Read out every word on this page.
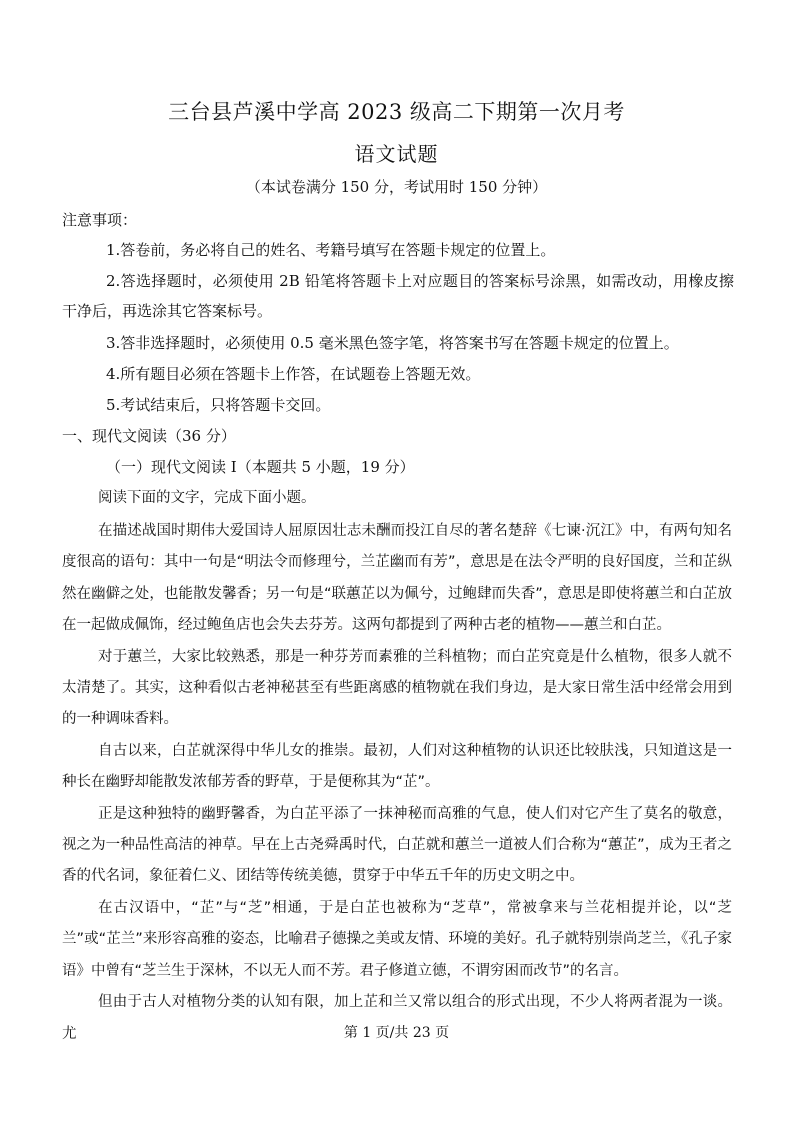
三台县芦溪中学高 2023 级高二下期第一次月考
语文试题
（本试卷满分 150 分，考试用时 150 分钟）
注意事项：
1.答卷前，务必将自己的姓名、考籍号填写在答题卡规定的位置上。
2.答选择题时，必须使用 2B 铅笔将答题卡上对应题目的答案标号涂黑，如需改动，用橡皮擦干净后，再选涂其它答案标号。
3.答非选择题时，必须使用 0.5 毫米黑色签字笔，将答案书写在答题卡规定的位置上。
4.所有题目必须在答题卡上作答，在试题卷上答题无效。
5.考试结束后，只将答题卡交回。
一、现代文阅读（36 分）
（一）现代文阅读 I（本题共 5 小题，19 分）
阅读下面的文字，完成下面小题。

在描述战国时期伟大爱国诗人屈原因壮志未酬而投江自尽的著名楚辞《七谏·沉江》中，有两句知名度很高的语句：其中一句是“明法令而修理兮，兰芷幽而有芳”，意思是在法令严明的良好国度，兰和芷纵然在幽僻之处，也能散发馨香；另一句是“联蕙芷以为佩兮，过鲍肆而失香”，意思是即使将蕙兰和白芷放在一起做成佩饰，经过鲍鱼店也会失去芬芳。这两句都提到了两种古老的植物——蕙兰和白芷。

对于蕙兰，大家比较熟悉，那是一种芬芳而素雅的兰科植物；而白芷究竟是什么植物，很多人就不太清楚了。其实，这种看似古老神秘甚至有些距离感的植物就在我们身边，是大家日常生活中经常会用到的一种调味香料。

自古以来，白芷就深得中华儿女的推崇。最初，人们对这种植物的认识还比较肤浅，只知道这是一种长在幽野却能散发浓郁芳香的野草，于是便称其为“芷”。

正是这种独特的幽野馨香，为白芷平添了一抹神秘而高雅的气息，使人们对它产生了莫名的敬意，视之为一种品性高洁的神草。早在上古尧舜禹时代，白芷就和蕙兰一道被人们合称为“蕙芷”，成为王者之香的代名词，象征着仁义、团结等传统美德，贯穿于中华五千年的历史文明之中。

在古汉语中，“芷”与“芝”相通，于是白芷也被称为“芝草”，常被拿来与兰花相提并论，以“芝兰”或“芷兰”来形容高雅的姿态，比喻君子德操之美或友情、环境的美好。孔子就特别崇尚芝兰，《孔子家语》中曾有“芝兰生于深林，不以无人而不芳。君子修道立德，不谓穷困而改节”的名言。

但由于古人对植物分类的认知有限，加上芷和兰又常以组合的形式出现，不少人将两者混为一谈。尤	第 1 页/共 23 页
